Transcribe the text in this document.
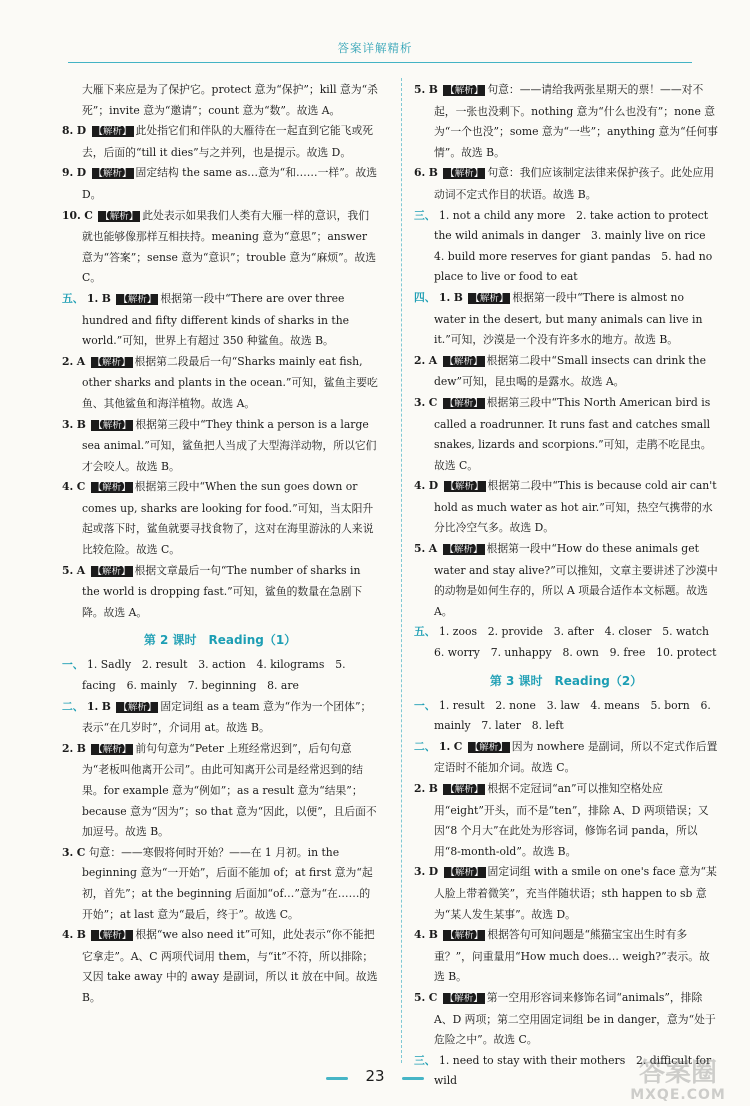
答案详解精析

大雁下来应是为了保护它。protect 意为“保护”；kill 意为“杀死”；invite 意为“邀请”；count 意为“数”。故选 A。

8. D 【解析】 此处指它们和伴队的大雁待在一起直到它能飞或死去，后面的“till it dies”与之并列，也是提示。故选 D。

9. D 【解析】 固定结构 the same as…意为“和……一样”。故选 D。

10. C 【解析】 此处表示如果我们人类有大雁一样的意识，我们就也能够像那样互相扶持。meaning 意为“意思”；answer 意为“答案”；sense 意为“意识”；trouble 意为“麻烦”。故选 C。

五、 1. B 【解析】 根据第一段中“There are over three hundred and fifty different kinds of sharks in the world.”可知，世界上有超过 350 种鲨鱼。故选 B。

2. A 【解析】 根据第二段最后一句“Sharks mainly eat fish, other sharks and plants in the ocean.”可知，鲨鱼主要吃鱼、其他鲨鱼和海洋植物。故选 A。

3. B 【解析】 根据第三段中“They think a person is a large sea animal.”可知，鲨鱼把人当成了大型海洋动物，所以它们才会咬人。故选 B。

4. C 【解析】 根据第三段中“When the sun goes down or comes up, sharks are looking for food.”可知，当太阳升起或落下时，鲨鱼就要寻找食物了，这对在海里游泳的人来说比较危险。故选 C。

5. A 【解析】 根据文章最后一句“The number of sharks in the world is dropping fast.”可知，鲨鱼的数量在急剧下降。故选 A。

第 2 课时　Reading（1）

一、 1. Sadly　2. result　3. action　4. kilograms　5. facing　6. mainly　7. beginning　8. are

二、 1. B 【解析】 固定词组 as a team 意为“作为一个团体”；表示“在几岁时”，介词用 at。故选 B。

2. B 【解析】 前句句意为“Peter 上班经常迟到”，后句句意为“老板叫他离开公司”。由此可知离开公司是经常迟到的结果。for example 意为“例如”；as a result 意为“结果”；because 意为“因为”；so that 意为“因此，以便”，且后面不加逗号。故选 B。

3. C 句意：——寒假将何时开始？——在 1 月初。in the beginning 意为“一开始”，后面不能加 of；at first 意为“起初，首先”；at the beginning 后面加“of…”意为“在……的开始”；at last 意为“最后，终于”。故选 C。

4. B 【解析】 根据“we also need it”可知，此处表示“你不能把它拿走”。A、C 两项代词用 them，与“it”不符，所以排除；又因 take away 中的 away 是副词，所以 it 放在中间。故选 B。

5. B 【解析】 句意：——请给我两张星期天的票！——对不起，一张也没剩下。nothing 意为“什么也没有”；none 意为“一个也没”；some 意为“一些”；anything 意为“任何事情”。故选 B。

6. B 【解析】 句意：我们应该制定法律来保护孩子。此处应用动词不定式作目的状语。故选 B。

三、 1. not a child any more　2. take action to protect the wild animals in danger　3. mainly live on rice　4. build more reserves for giant pandas　5. had no place to live or food to eat

四、 1. B 【解析】 根据第一段中“There is almost no water in the desert, but many animals can live in it.”可知，沙漠是一个没有许多水的地方。故选 B。

2. A 【解析】 根据第二段中“Small insects can drink the dew”可知，昆虫喝的是露水。故选 A。

3. C 【解析】 根据第三段中“This North American bird is called a roadrunner. It runs fast and catches small snakes, lizards and scorpions.”可知，走鹃不吃昆虫。故选 C。

4. D 【解析】 根据第二段中“This is because cold air can't hold as much water as hot air.”可知，热空气携带的水分比冷空气多。故选 D。

5. A 【解析】 根据第一段中“How do these animals get water and stay alive?”可以推知，文章主要讲述了沙漠中的动物是如何生存的，所以 A 项最合适作本文标题。故选 A。

五、 1. zoos　2. provide　3. after　4. closer　5. watch　6. worry　7. unhappy　8. own　9. free　10. protect

第 3 课时　Reading（2）

一、 1. result　2. none　3. law　4. means　5. born　6. mainly　7. later　8. left

二、 1. C 【解析】 因为 nowhere 是副词，所以不定式作后置定语时不能加介词。故选 C。

2. B 【解析】 根据不定冠词“an”可以推知空格处应用“eight”开头，而不是“ten”，排除 A、D 两项错误；又因“8 个月大”在此处为形容词，修饰名词 panda，所以用“8-month-old”。故选 B。

3. D 【解析】 固定词组 with a smile on one's face 意为“某人脸上带着微笑”，充当伴随状语；sth happen to sb 意为“某人发生某事”。故选 D。

4. B 【解析】 根据答句可知问题是“熊猫宝宝出生时有多重？”，问重量用“How much does… weigh?”表示。故选 B。

5. C 【解析】 第一空用形容词来修饰名词“animals”，排除 A、D 两项；第二空用固定词组 be in danger，意为“处于危险之中”。故选 C。

三、 1. need to stay with their mothers　2. difficult for wild

23	答案圈
MXQE.COM
